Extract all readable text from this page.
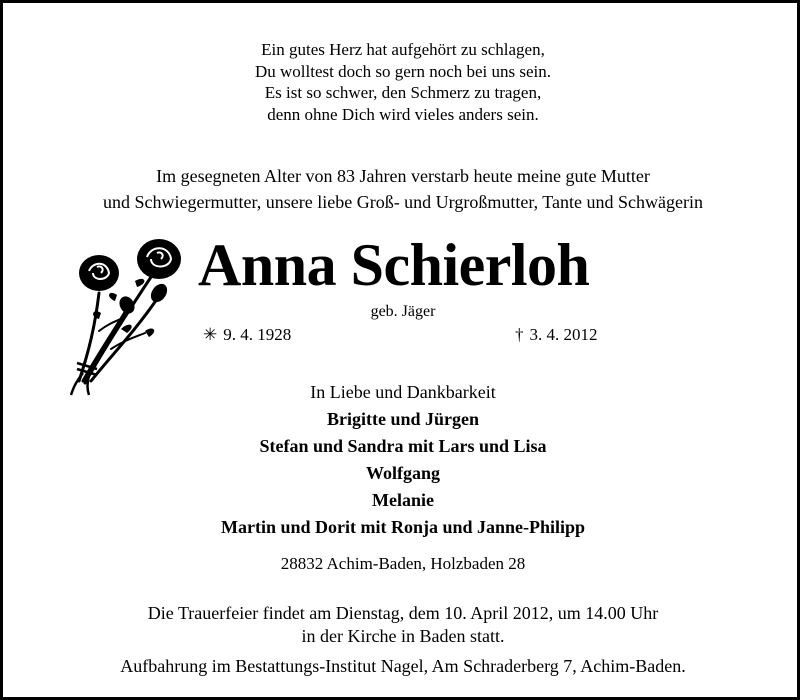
Ein gutes Herz hat aufgehört zu schlagen,
Du wolltest doch so gern noch bei uns sein.
Es ist so schwer, den Schmerz zu tragen,
denn ohne Dich wird vieles anders sein.
Im gesegneten Alter von 83 Jahren verstarb heute meine gute Mutter
und Schwiegermutter, unsere liebe Groß- und Urgroßmutter, Tante und Schwägerin
Anna Schierloh
geb. Jäger
✳ 9. 4. 1928	† 3. 4. 2012
In Liebe und Dankbarkeit
Brigitte und Jürgen
Stefan und Sandra mit Lars und Lisa
Wolfgang
Melanie
Martin und Dorit mit Ronja und Janne-Philipp
28832 Achim-Baden, Holzbaden 28
Die Trauerfeier findet am Dienstag, dem 10. April 2012, um 14.00 Uhr
in der Kirche in Baden statt.
Aufbahrung im Bestattungs-Institut Nagel, Am Schraderberg 7, Achim-Baden.
